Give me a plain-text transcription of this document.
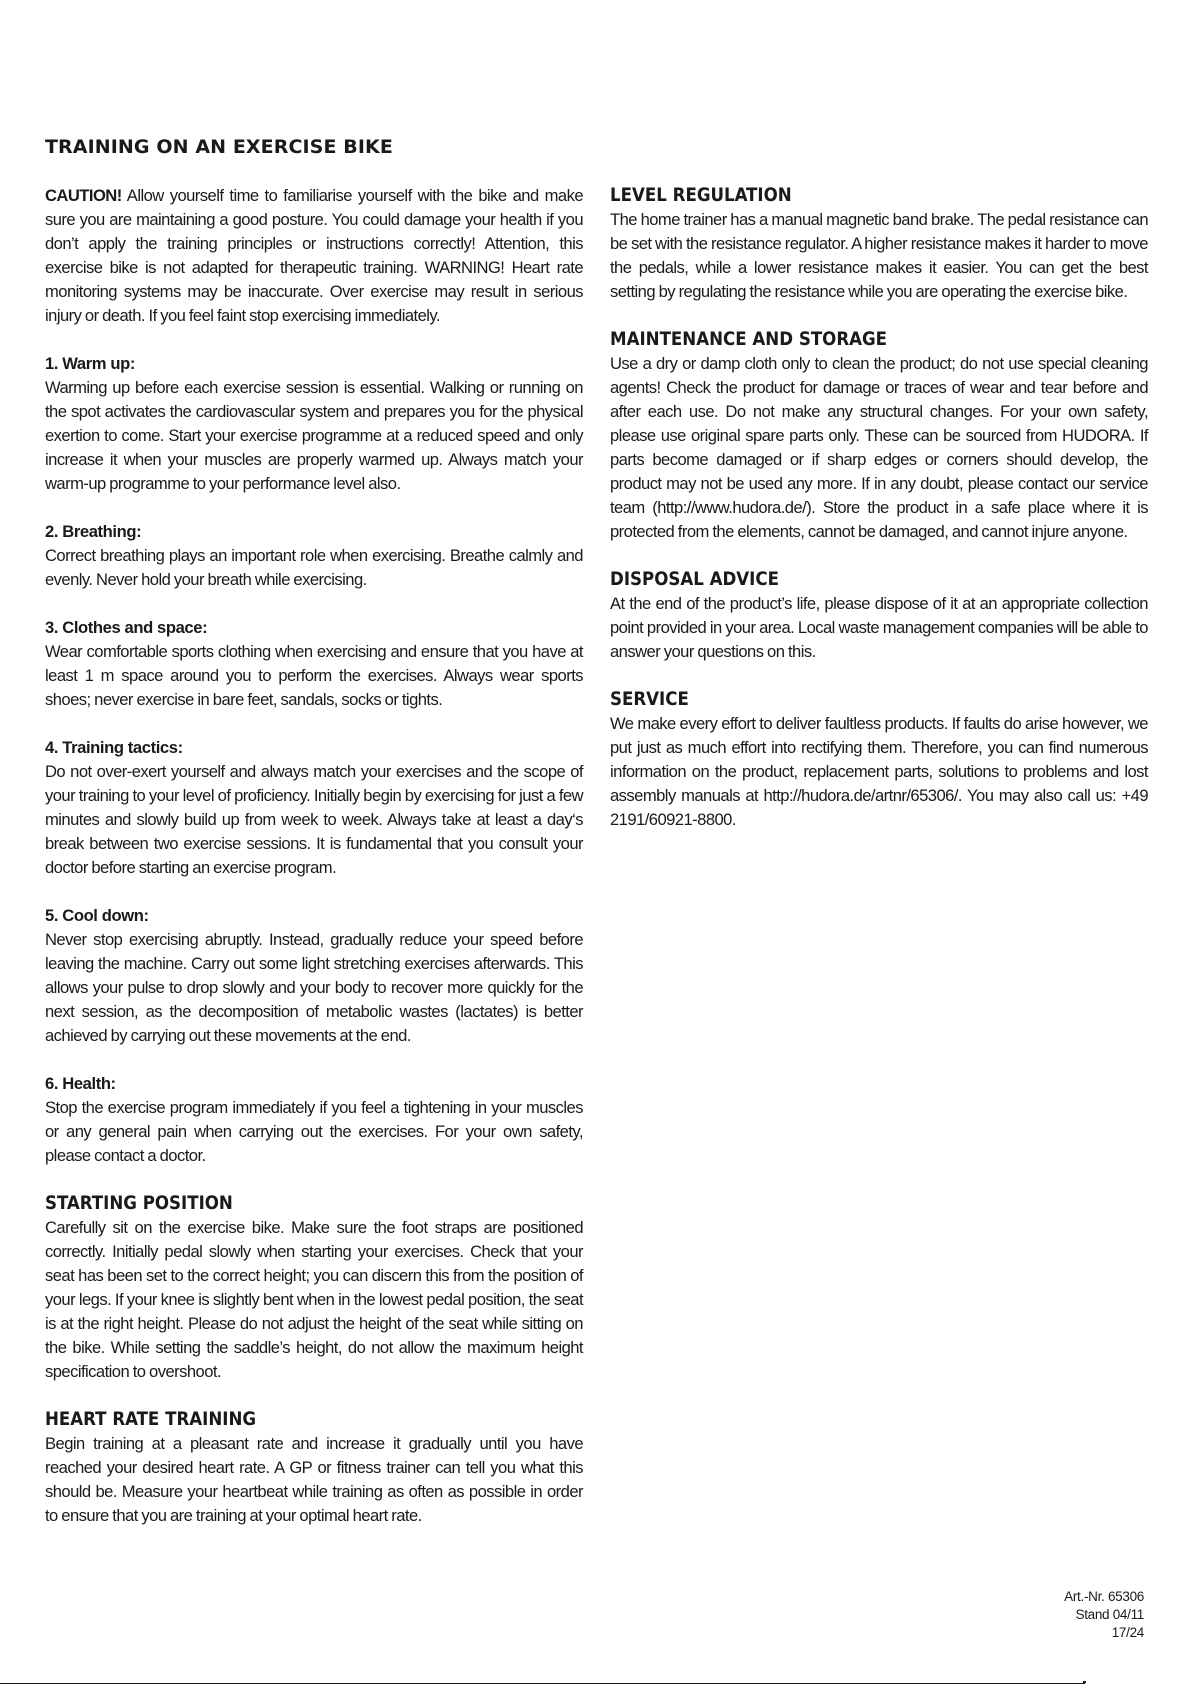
TRAINING ON AN EXERCISE BIKE

CAUTION! Allow yourself time to familiarise yourself with the bike and make sure you are maintaining a good posture. You could damage your health if you don’t apply the training principles or instructions correctly! Attention, this exercise bike is not adapted for therapeutic training. WARNING! Heart rate monitoring systems may be inaccurate. Over exercise may result in serious injury or death. If you feel faint stop exercising immediately.

1. Warm up:

Warming up before each exercise session is essential. Walking or running on the spot activates the cardiovascular system and prepares you for the physical exertion to come. Start your exercise programme at a reduced speed and only increase it when your muscles are properly warmed up. Always match your warm-up programme to your performance level also.

2. Breathing:

Correct breathing plays an important role when exercising. Breathe calmly and evenly. Never hold your breath while exercising.

3. Clothes and space:

Wear comfortable sports clothing when exercising and ensure that you have at least 1 m space around you to perform the exercises. Always wear sports shoes; never exercise in bare feet, sandals, socks or tights.

4. Training tactics:

Do not over-exert yourself and always match your exercises and the scope of your training to your level of proficiency. Initially begin by exercising for just a few minutes and slowly build up from week to week. Always take at least a day‘s break between two exercise sessions. It is fundamental that you consult your doctor before starting an exercise program.

5. Cool down:

Never stop exercising abruptly. Instead, gradually reduce your speed before leaving the machine. Carry out some light stretching exercises afterwards. This allows your pulse to drop slowly and your body to recover more quickly for the next session, as the decomposition of metabolic wastes (lactates) is better achieved by carrying out these movements at the end.

6. Health:

Stop the exercise program immediately if you feel a tightening in your muscles or any general pain when carrying out the exercises. For your own safety, please contact a doctor.

STARTING POSITION

Carefully sit on the exercise bike. Make sure the foot straps are positioned correctly. Initially pedal slowly when starting your exercises. Check that your seat has been set to the correct height; you can discern this from the position of your legs. If your knee is slightly bent when in the lowest pedal position, the seat is at the right height. Please do not adjust the height of the seat while sitting on the bike. While setting the saddle’s height, do not allow the maximum height specification to overshoot.

HEART RATE TRAINING

Begin training at a pleasant rate and increase it gradually until you have reached your desired heart rate. A GP or fitness trainer can tell you what this should be. Measure your heartbeat while training as often as possible in order to ensure that you are training at your optimal heart rate.

LEVEL REGULATION

The home trainer has a manual magnetic band brake. The pedal resistance can be set with the resistance regulator. A higher resistance makes it harder to move the pedals, while a lower resistance makes it easier. You can get the best setting by regulating the resistance while you are operating the exercise bike.

MAINTENANCE AND STORAGE

Use a dry or damp cloth only to clean the product; do not use special cleaning agents! Check the product for damage or traces of wear and tear before and after each use. Do not make any structural changes. For your own safety, please use original spare parts only. These can be sourced from HUDORA. If parts become damaged or if sharp edges or corners should develop, the product may not be used any more. If in any doubt, please contact our service team (http://www.hudora.de/). Store the product in a safe place where it is protected from the elements, cannot be damaged, and cannot injure anyone.

DISPOSAL ADVICE

At the end of the product’s life, please dispose of it at an appropriate collection point provided in your area. Local waste management companies will be able to answer your questions on this.

SERVICE

We make every effort to deliver faultless products. If faults do arise however, we put just as much effort into rectifying them. Therefore, you can find numerous information on the product, replacement parts, solutions to problems and lost assembly manuals at http://hudora.de/artnr/65306/. You may also call us: +49 2191/60921-8800.

Art.-Nr. 65306
Stand 04/11
17/24
